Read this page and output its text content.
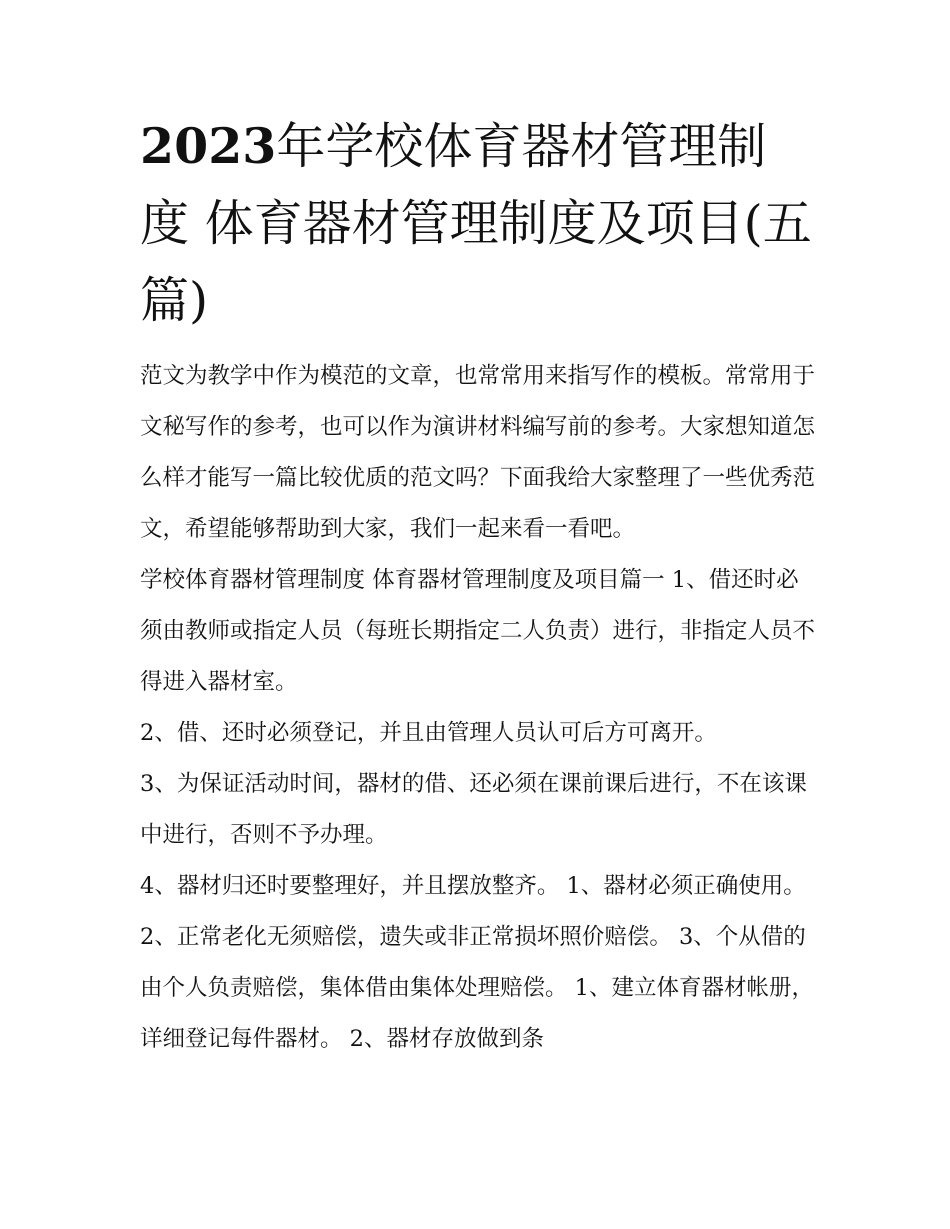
2023年学校体育器材管理制度 体育器材管理制度及项目(五篇)

范文为教学中作为模范的文章，也常常用来指写作的模板。常常用于文秘写作的参考，也可以作为演讲材料编写前的参考。大家想知道怎么样才能写一篇比较优质的范文吗？下面我给大家整理了一些优秀范文，希望能够帮助到大家，我们一起来看一看吧。

学校体育器材管理制度 体育器材管理制度及项目篇一 1、借还时必须由教师或指定人员（每班长期指定二人负责）进行，非指定人员不得进入器材室。

2、借、还时必须登记，并且由管理人员认可后方可离开。

3、为保证活动时间，器材的借、还必须在课前课后进行，不在该课中进行，否则不予办理。

4、器材归还时要整理好，并且摆放整齐。 1、器材必须正确使用。 2、正常老化无须赔偿，遗失或非正常损坏照价赔偿。 3、个从借的由个人负责赔偿，集体借由集体处理赔偿。 1、建立体育器材帐册，详细登记每件器材。 2、器材存放做到条
